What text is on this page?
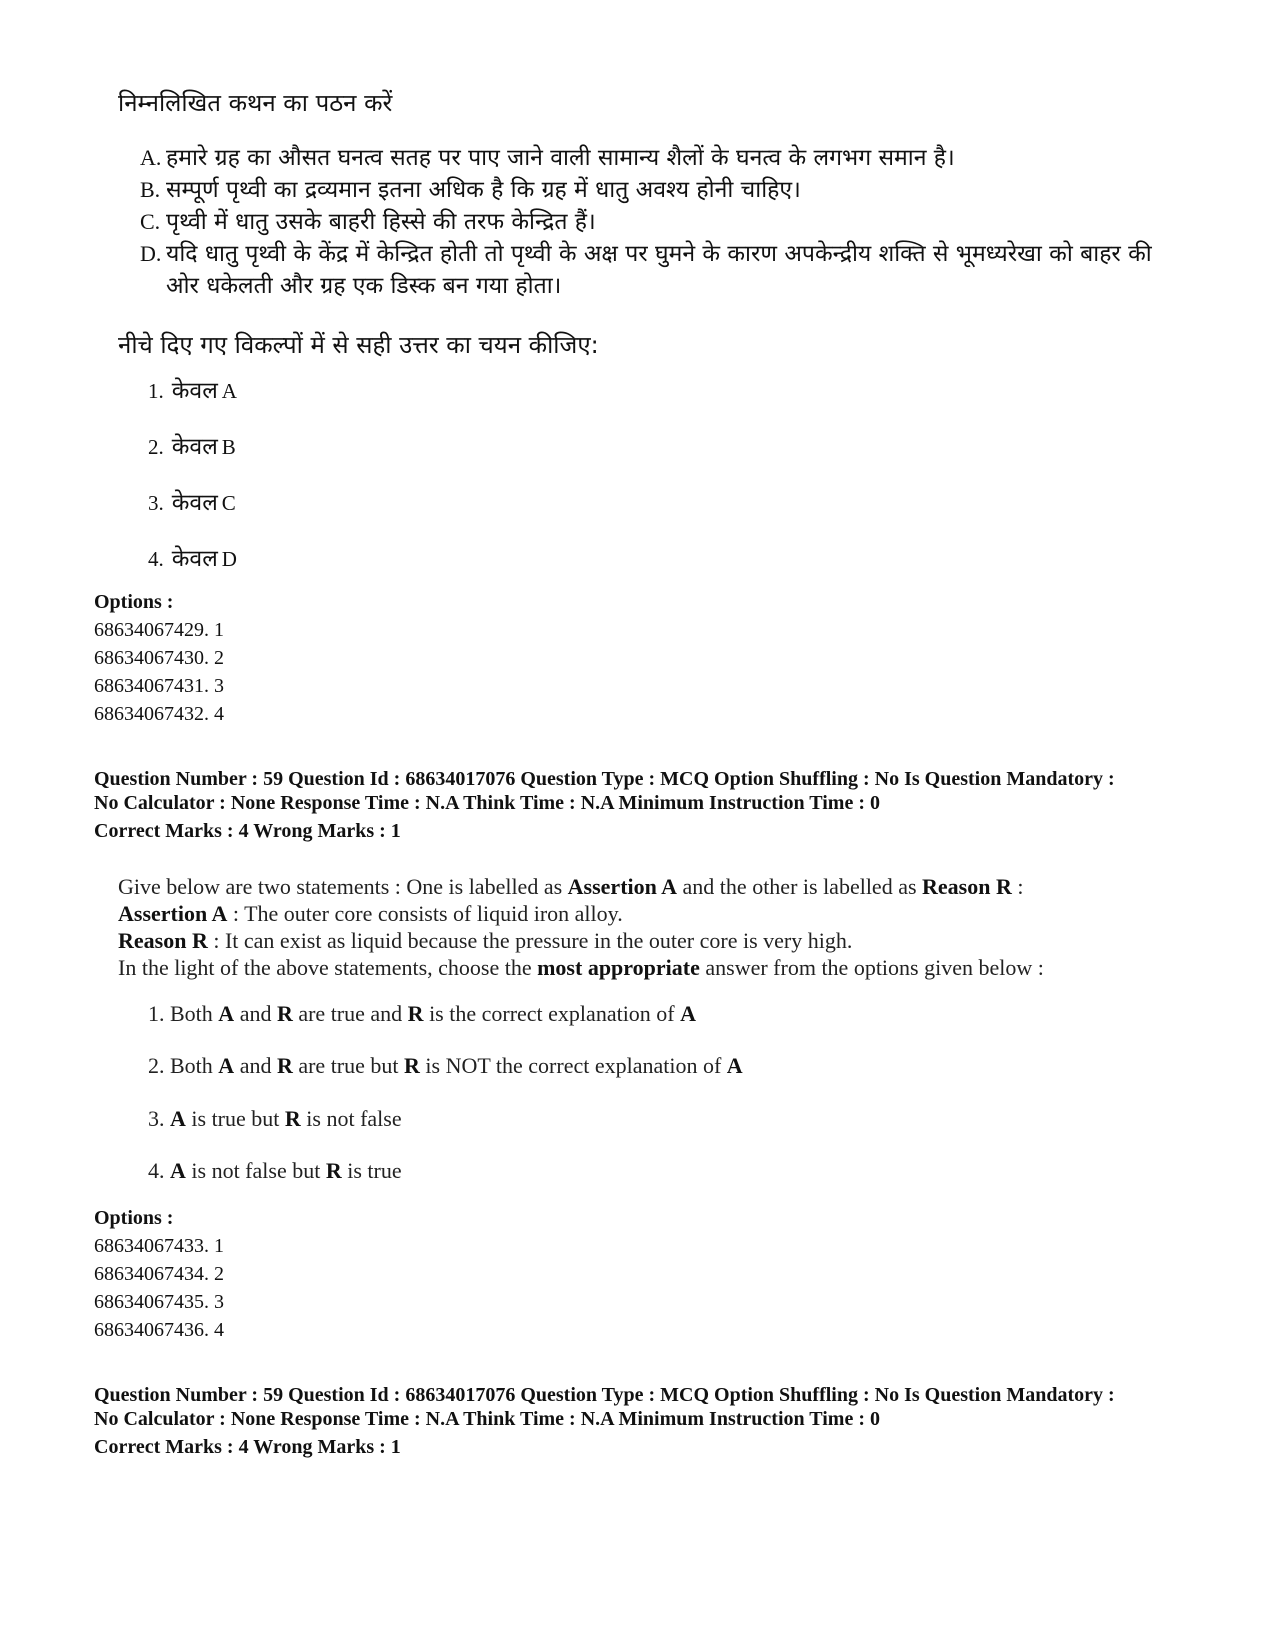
निम्नलिखित कथन का पठन करें
A. हमारे ग्रह का औसत घनत्व सतह पर पाए जाने वाली सामान्य शैलों के घनत्व के लगभग समान है।
B. सम्पूर्ण पृथ्वी का द्रव्यमान इतना अधिक है कि ग्रह में धातु अवश्य होनी चाहिए।
C. पृथ्वी में धातु उसके बाहरी हिस्से की तरफ केन्द्रित हैं।
D. यदि धातु पृथ्वी के केंद्र में केन्द्रित होती तो पृथ्वी के अक्ष पर घुमने के कारण अपकेन्द्रीय शक्ति से भूमध्यरेखा को बाहर की ओर धकेलती और ग्रह एक डिस्क बन गया होता।
नीचे दिए गए विकल्पों में से सही उत्तर का चयन कीजिए:
1. केवल A
2. केवल B
3. केवल C
4. केवल D
Options :
68634067429. 1
68634067430. 2
68634067431. 3
68634067432. 4
Question Number : 59 Question Id : 68634017076 Question Type : MCQ Option Shuffling : No Is Question Mandatory :
No Calculator : None Response Time : N.A Think Time : N.A Minimum Instruction Time : 0
Correct Marks : 4 Wrong Marks : 1
Give below are two statements : One is labelled as Assertion A and the other is labelled as Reason R :
Assertion A : The outer core consists of liquid iron alloy.
Reason R : It can exist as liquid because the pressure in the outer core is very high.
In the light of the above statements, choose the most appropriate answer from the options given below :
1. Both A and R are true and R is the correct explanation of A
2. Both A and R are true but R is NOT the correct explanation of A
3. A is true but R is not false
4. A is not false but R is true
Options :
68634067433. 1
68634067434. 2
68634067435. 3
68634067436. 4
Question Number : 59 Question Id : 68634017076 Question Type : MCQ Option Shuffling : No Is Question Mandatory :
No Calculator : None Response Time : N.A Think Time : N.A Minimum Instruction Time : 0
Correct Marks : 4 Wrong Marks : 1
